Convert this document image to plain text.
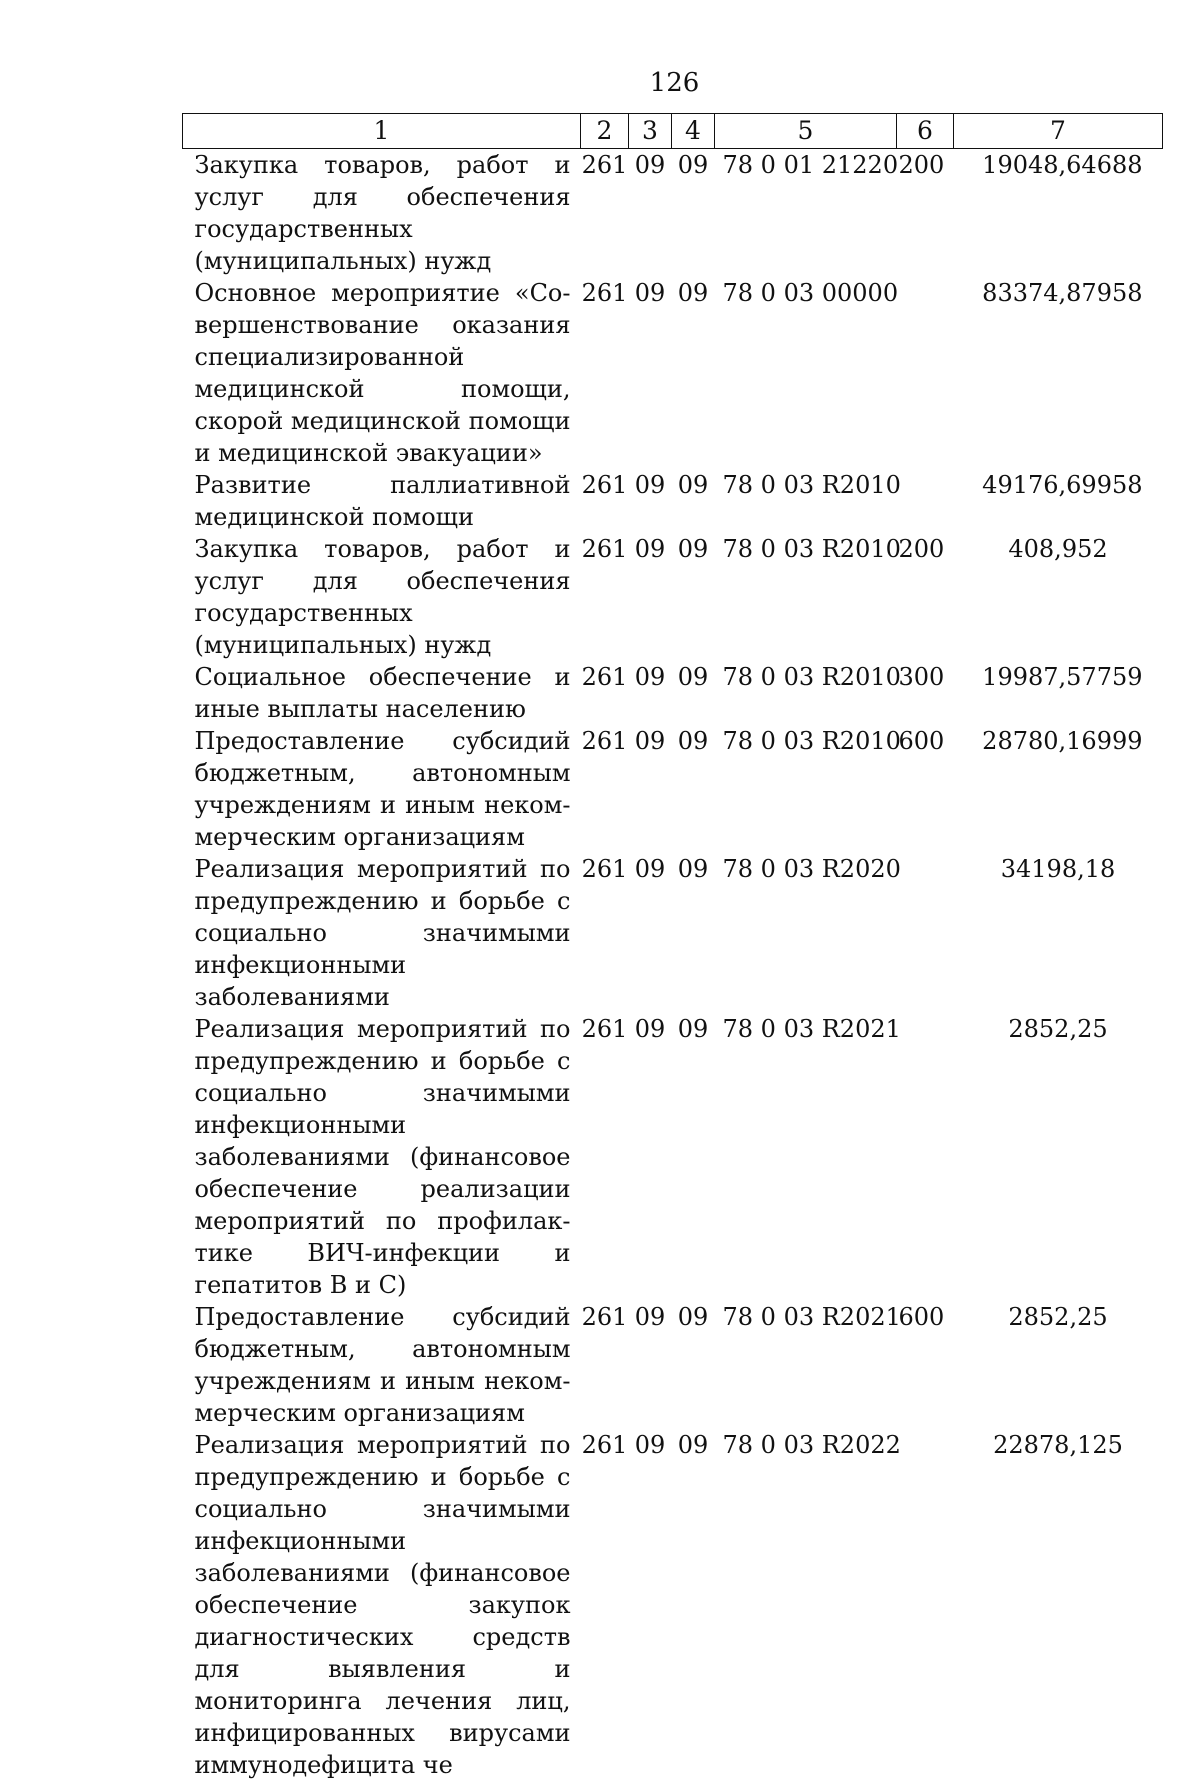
126
1	2	3	4	5	6	7
Закупка товаров, работ и услуг для обеспечения государственных (муниципальных) нужд	261	09	09	78 0 01 21220	200	19048,64688
Основное мероприятие «Совершенствование оказания специализированной медицинской помощи, скорой медицинской помощи и медицинской эвакуации»	261	09	09	78 0 03 00000		83374,87958
Развитие паллиативной медицинской помощи	261	09	09	78 0 03 R2010		49176,69958
Закупка товаров, работ и услуг для обеспечения государственных (муниципальных) нужд	261	09	09	78 0 03 R2010	200	408,952
Социальное обеспечение и иные выплаты населению	261	09	09	78 0 03 R2010	300	19987,57759
Предоставление субсидий бюджетным, автономным учреждениям и иным некоммерческим организациям	261	09	09	78 0 03 R2010	600	28780,16999
Реализация мероприятий по предупреждению и борьбе с социально значимыми инфекционными заболеваниями	261	09	09	78 0 03 R2020		34198,18
Реализация мероприятий по предупреждению и борьбе с социально значимыми инфекционными заболеваниями (финансовое обеспечение реализации мероприятий по профилактике ВИЧ-инфекции и гепатитов В и С)	261	09	09	78 0 03 R2021		2852,25
Предоставление субсидий бюджетным, автономным учреждениям и иным некоммерческим организациям	261	09	09	78 0 03 R2021	600	2852,25
Реализация мероприятий по предупреждению и борьбе с социально значимыми инфекционными заболеваниями (финансовое обеспечение закупок диагностических средств для выявления и мониторинга лечения лиц, инфицированных вирусами иммунодефицита че	261	09	09	78 0 03 R2022		22878,125
